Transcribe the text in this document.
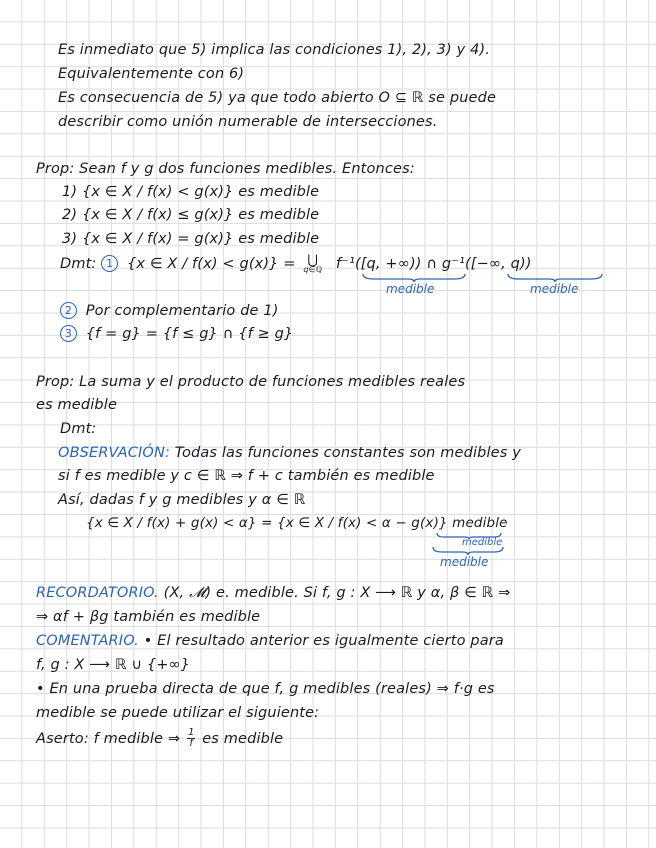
Es inmediato que 5) implica las condiciones 1), 2), 3) y 4).
Equivalentemente con 6)
Es consecuencia de 5) ya que todo abierto O ⊆ ℝ se puede
describir como unión numerable de intersecciones.
Prop: Sean f y g dos funciones medibles. Entonces:
1) {x ∈ X / f(x) < g(x)} es medible
2) {x ∈ X / f(x) ≤ g(x)} es medible
3) {x ∈ X / f(x) = g(x)} es medible
Dmt: 1 {x ∈ X / f(x) < g(x)} = ⋃
q∈ℚ f⁻¹([q, +∞)) ∩ g⁻¹([−∞, q))
medible	medible
2 Por complementario de 1)
3 {f = g} = {f ≤ g} ∩ {f ≥ g}
Prop: La suma y el producto de funciones medibles reales
es medible
Dmt:
OBSERVACIÓN: Todas las funciones constantes son medibles y
si f es medible y c ∈ ℝ ⇒ f + c también es medible
Así, dadas f y g medibles y α ∈ ℝ
{x ∈ X / f(x) + g(x) < α} = {x ∈ X / f(x) < α − g(x)} medible
medible
medible
RECORDATORIO. (X, 𝓜) e. medible. Si f, g : X ⟶ ℝ y α, β ∈ ℝ ⇒
⇒ αf + βg también es medible
COMENTARIO. • El resultado anterior es igualmente cierto para
f, g : X ⟶ ℝ ∪ {+∞}
• En una prueba directa de que f, g medibles (reales) ⇒ f·g es
medible se puede utilizar el siguiente:
Aserto: f medible ⇒ $\frac{1}{f}$ es medible
